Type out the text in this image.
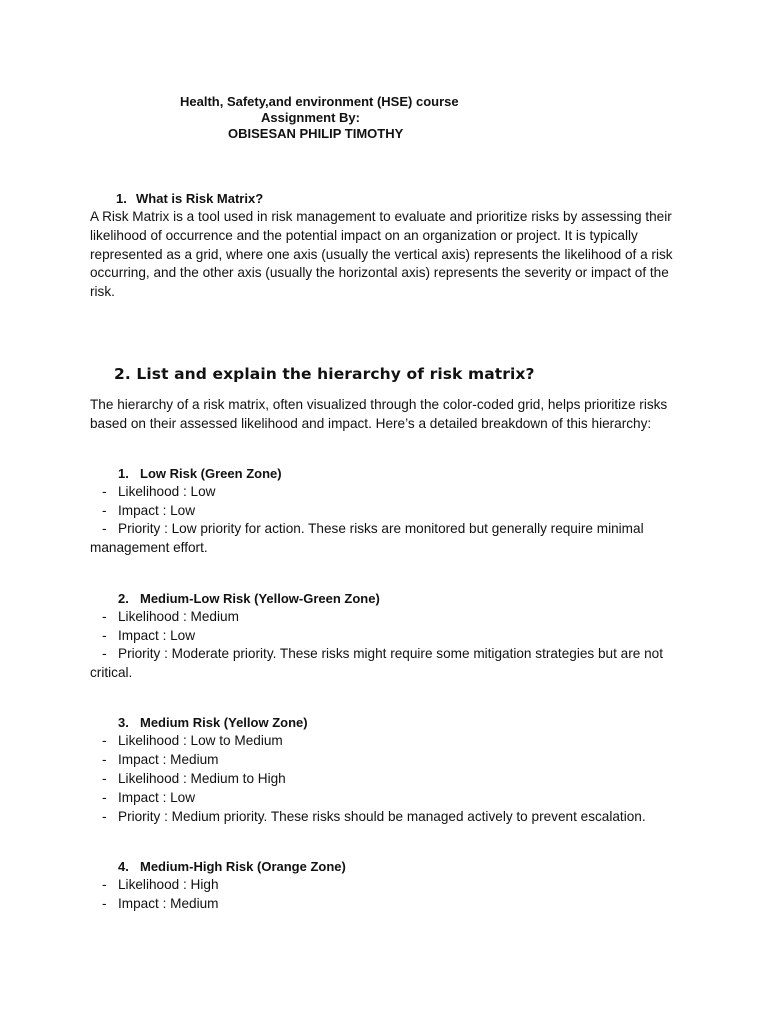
Health, Safety,and environment (HSE) course
Assignment By:
OBISESAN PHILIP TIMOTHY
1. What is Risk Matrix?
A Risk Matrix is a tool used in risk management to evaluate and prioritize risks by assessing their likelihood of occurrence and the potential impact on an organization or project. It is typically represented as a grid, where one axis (usually the vertical axis) represents the likelihood of a risk occurring, and the other axis (usually the horizontal axis) represents the severity or impact of the risk.
2. List and explain the hierarchy of risk matrix?
The hierarchy of a risk matrix, often visualized through the color-coded grid, helps prioritize risks based on their assessed likelihood and impact. Here’s a detailed breakdown of this hierarchy:
1. Low Risk (Green Zone)
- Likelihood : Low
- Impact : Low
- Priority : Low priority for action. These risks are monitored but generally require minimal
management effort.
2. Medium-Low Risk (Yellow-Green Zone)
- Likelihood : Medium
- Impact : Low
- Priority : Moderate priority. These risks might require some mitigation strategies but are not
critical.
3. Medium Risk (Yellow Zone)
- Likelihood : Low to Medium
- Impact : Medium
- Likelihood : Medium to High
- Impact : Low
- Priority : Medium priority. These risks should be managed actively to prevent escalation.
4. Medium-High Risk (Orange Zone)
- Likelihood : High
- Impact : Medium
